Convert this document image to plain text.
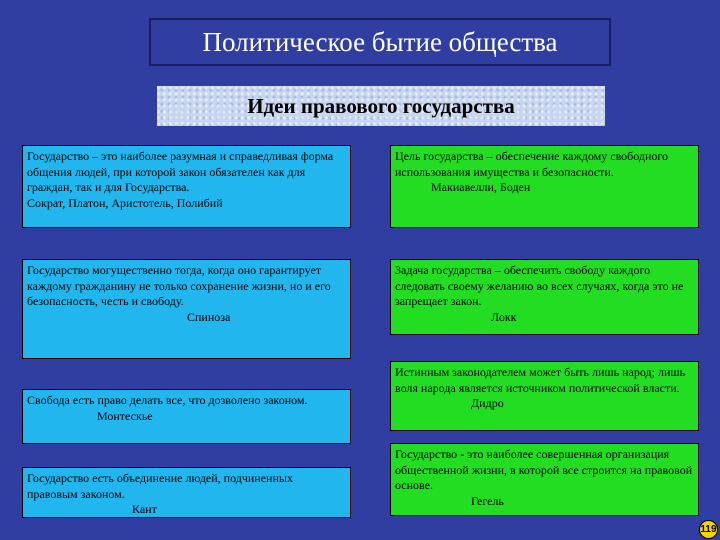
Политическое бытие общества
Идеи правового государства
Государство – это наиболее разумная и справедливая форма общения людей, при которой закон обязателен как для граждан, так и для Государства.
Сократ, Платон, Аристотель, Полибий
Государство могущественно тогда, когда оно гарантирует каждому гражданину не только сохранение жизни, но и его безопасность, честь и свободу.
Спиноза
Свобода есть право делать все, что дозволено законом.
Монтескье
Государство есть объединение людей, подчиненных правовым законом.
Кант
Цель государства – обеспечение каждому свободного использования имущества и безопасности.
Макиавелли, Боден
Задача государства – обеспечить свободу каждого следовать своему желанию во всех случаях, когда это не запрещает закон.
Локк
Истинным законодателем может быть лишь народ; лишь воля народа является источником политической власти.
Дидро
Государство - это наиболее совершенная организация общественной жизни, в которой все строится на правовой основе.
Гегель
119
